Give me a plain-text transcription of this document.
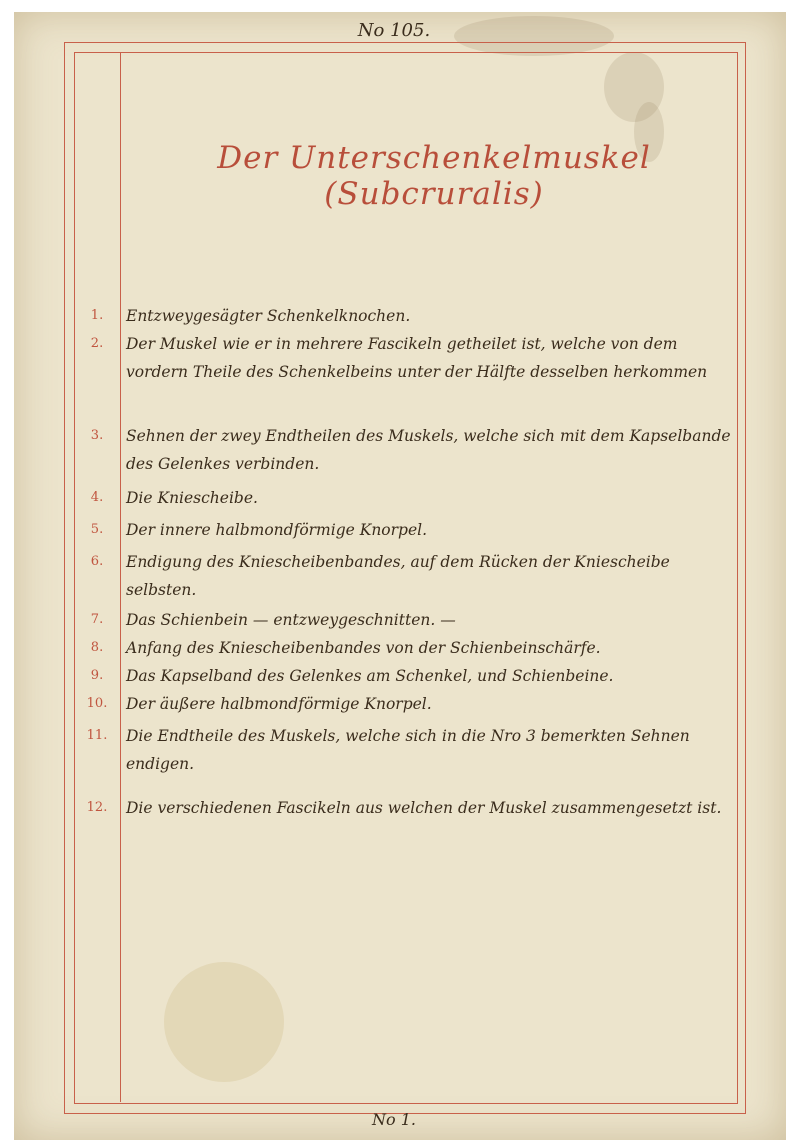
No 105.
Der Unterschenkelmuskel (Subcruralis)
1.	Entzweygesägter Schenkelknochen.
2.	Der Muskel wie er in mehrere Fascikeln getheilet ist, welche von dem vordern Theile des Schenkelbeins unter der Hälfte desselben herkommen
3.	Sehnen der zwey Endtheilen des Muskels, welche sich mit dem Kapselbande des Gelenkes verbinden.
4.	Die Kniescheibe.
5.	Der innere halbmondförmige Knorpel.
6.	Endigung des Kniescheibenbandes, auf dem Rücken der Kniescheibe selbsten.
7.	Das Schienbein — entzweygeschnitten. —
8.	Anfang des Kniescheibenbandes von der Schienbeinschärfe.
9.	Das Kapselband des Gelenkes am Schenkel, und Schienbeine.
10.	Der äußere halbmondförmige Knorpel.
11.	Die Endtheile des Muskels, welche sich in die Nro 3 bemerkten Sehnen endigen.
12.	Die verschiedenen Fascikeln aus welchen der Muskel zusammengesetzt ist.
No 1.
